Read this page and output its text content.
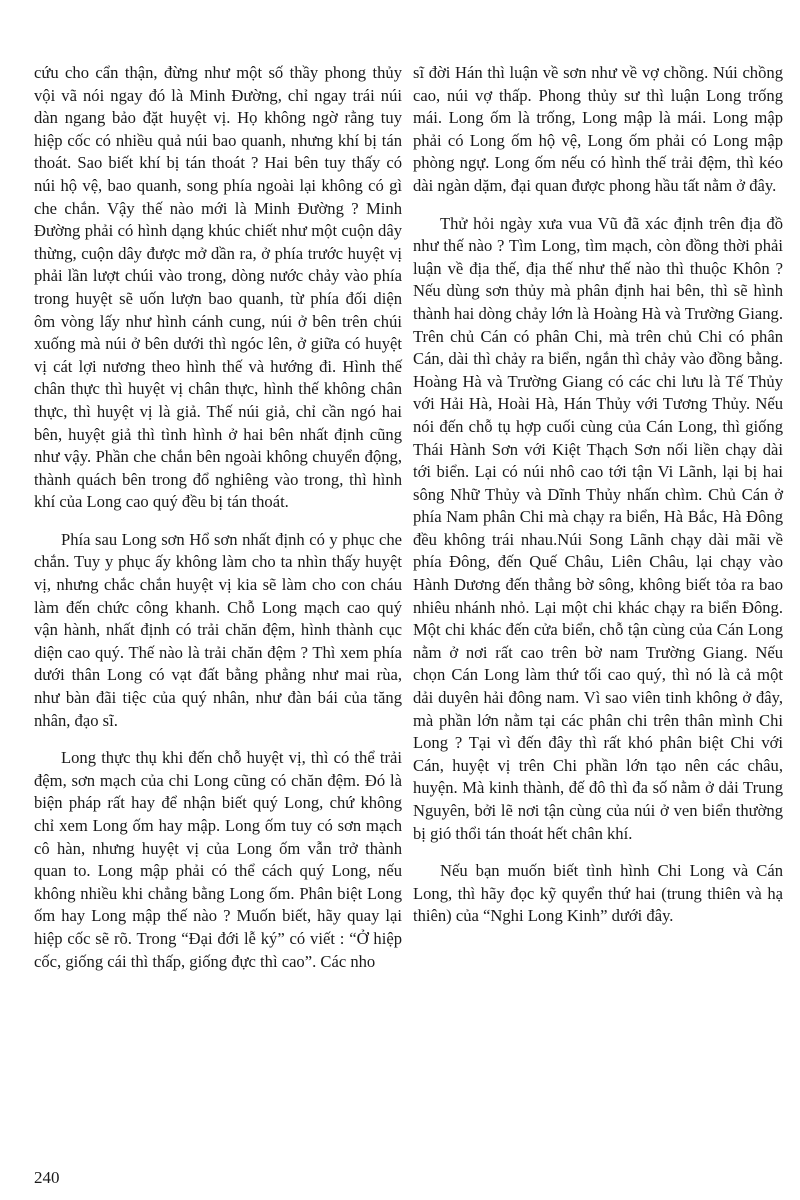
cứu cho cẩn thận, đừng như một số thầy phong thủy vội vã nói ngay đó là Minh Đường, chỉ ngay trái núi dàn ngang bảo đặt huyệt vị. Họ không ngờ rằng tuy hiệp cốc có nhiều quả núi bao quanh, nhưng khí bị tán thoát. Sao biết khí bị tán thoát ? Hai bên tuy thấy có núi hộ vệ, bao quanh, song phía ngoài lại không có gì che chắn. Vậy thế nào mới là Minh Đường ? Minh Đường phải có hình dạng khúc chiết như một cuộn dây thừng, cuộn dây được mở dần ra, ở phía trước huyệt vị phải lần lượt chúi vào trong, dòng nước chảy vào phía trong huyệt sẽ uốn lượn bao quanh, từ phía đối diện ôm vòng lấy như hình cánh cung, núi ở bên trên chúi xuống mà núi ở bên dưới thì ngóc lên, ở giữa có huyệt vị cát lợi nương theo hình thế và hướng đi. Hình thế chân thực thì huyệt vị chân thực, hình thế không chân thực, thì huyệt vị là giả. Thế núi giả, chỉ cần ngó hai bên, huyệt giả thì tình hình ở hai bên nhất định cũng như vậy. Phần che chắn bên ngoài không chuyển động, thành quách bên trong đổ nghiêng vào trong, thì hình khí của Long cao quý đều bị tán thoát.

Phía sau Long sơn Hổ sơn nhất định có y phục che chắn. Tuy y phục ấy không làm cho ta nhìn thấy huyệt vị, nhưng chắc chắn huyệt vị kia sẽ làm cho con cháu làm đến chức công khanh. Chỗ Long mạch cao quý vận hành, nhất định có trải chăn đệm, hình thành cục diện cao quý. Thế nào là trải chăn đệm ? Thì xem phía dưới thân Long có vạt đất bằng phẳng như mai rùa, như bàn đãi tiệc của quý nhân, như đàn bái của tăng nhân, đạo sĩ.

Long thực thụ khi đến chỗ huyệt vị, thì có thể trải đệm, sơn mạch của chi Long cũng có chăn đệm. Đó là biện pháp rất hay để nhận biết quý Long, chứ không chỉ xem Long ốm hay mập. Long ốm tuy có sơn mạch cô hàn, nhưng huyệt vị của Long ốm vẫn trở thành quan to. Long mập phải có thể cách quý Long, nếu không nhiều khi chẳng bằng Long ốm. Phân biệt Long ốm hay Long mập thế nào ? Muốn biết, hãy quay lại hiệp cốc sẽ rõ. Trong “Đại đới lễ ký” có viết : “Ở hiệp cốc, giống cái thì thấp, giống đực thì cao”. Các nho

sĩ đời Hán thì luận về sơn như về vợ chồng. Núi chồng cao, núi vợ thấp. Phong thủy sư thì luận Long trống mái. Long ốm là trống, Long mập là mái. Long mập phải có Long ốm hộ vệ, Long ốm phải có Long mập phòng ngự. Long ốm nếu có hình thế trải đệm, thì kéo dài ngàn dặm, đại quan được phong hầu tất nằm ở đây.

Thử hỏi ngày xưa vua Vũ đã xác định trên địa đồ như thế nào ? Tìm Long, tìm mạch, còn đồng thời phải luận về địa thế, địa thế như thế nào thì thuộc Khôn ? Nếu dùng sơn thủy mà phân định hai bên, thì sẽ hình thành hai dòng chảy lớn là Hoàng Hà và Trường Giang. Trên chủ Cán có phân Chi, mà trên chủ Chi có phân Cán, dài thì chảy ra biển, ngắn thì chảy vào đồng bằng. Hoàng Hà và Trường Giang có các chi lưu là Tế Thủy với Hải Hà, Hoài Hà, Hán Thủy với Tương Thủy. Nếu nói đến chỗ tụ hợp cuối cùng của Cán Long, thì giống Thái Hành Sơn với Kiệt Thạch Sơn nối liền chạy dài tới biển. Lại có núi nhô cao tới tận Vi Lãnh, lại bị hai sông Nhữ Thủy và Dĩnh Thủy nhấn chìm. Chủ Cán ở phía Nam phân Chi mà chạy ra biển, Hà Bắc, Hà Đông đều không trái nhau.Núi Song Lãnh chạy dài mãi về phía Đông, đến Quế Châu, Liên Châu, lại chạy vào Hành Dương đến thẳng bờ sông, không biết tỏa ra bao nhiêu nhánh nhỏ. Lại một chi khác chạy ra biển Đông. Một chi khác đến cửa biển, chỗ tận cùng của Cán Long nằm ở nơi rất cao trên bờ nam Trường Giang. Nếu chọn Cán Long làm thứ tối cao quý, thì nó là cả một dải duyên hải đông nam. Vì sao viên tinh không ở đây, mà phần lớn nằm tại các phân chi trên thân mình Chi Long ? Tại vì đến đây thì rất khó phân biệt Chi với Cán, huyệt vị trên Chi phần lớn tạo nên các châu, huyện. Mà kinh thành, đế đô thì đa số nằm ở dải Trung Nguyên, bởi lẽ nơi tận cùng của núi ở ven biển thường bị gió thổi tán thoát hết chân khí.

Nếu bạn muốn biết tình hình Chi Long và Cán Long, thì hãy đọc kỹ quyển thứ hai (trung thiên và hạ thiên) của “Nghi Long Kinh” dưới đây.

240
